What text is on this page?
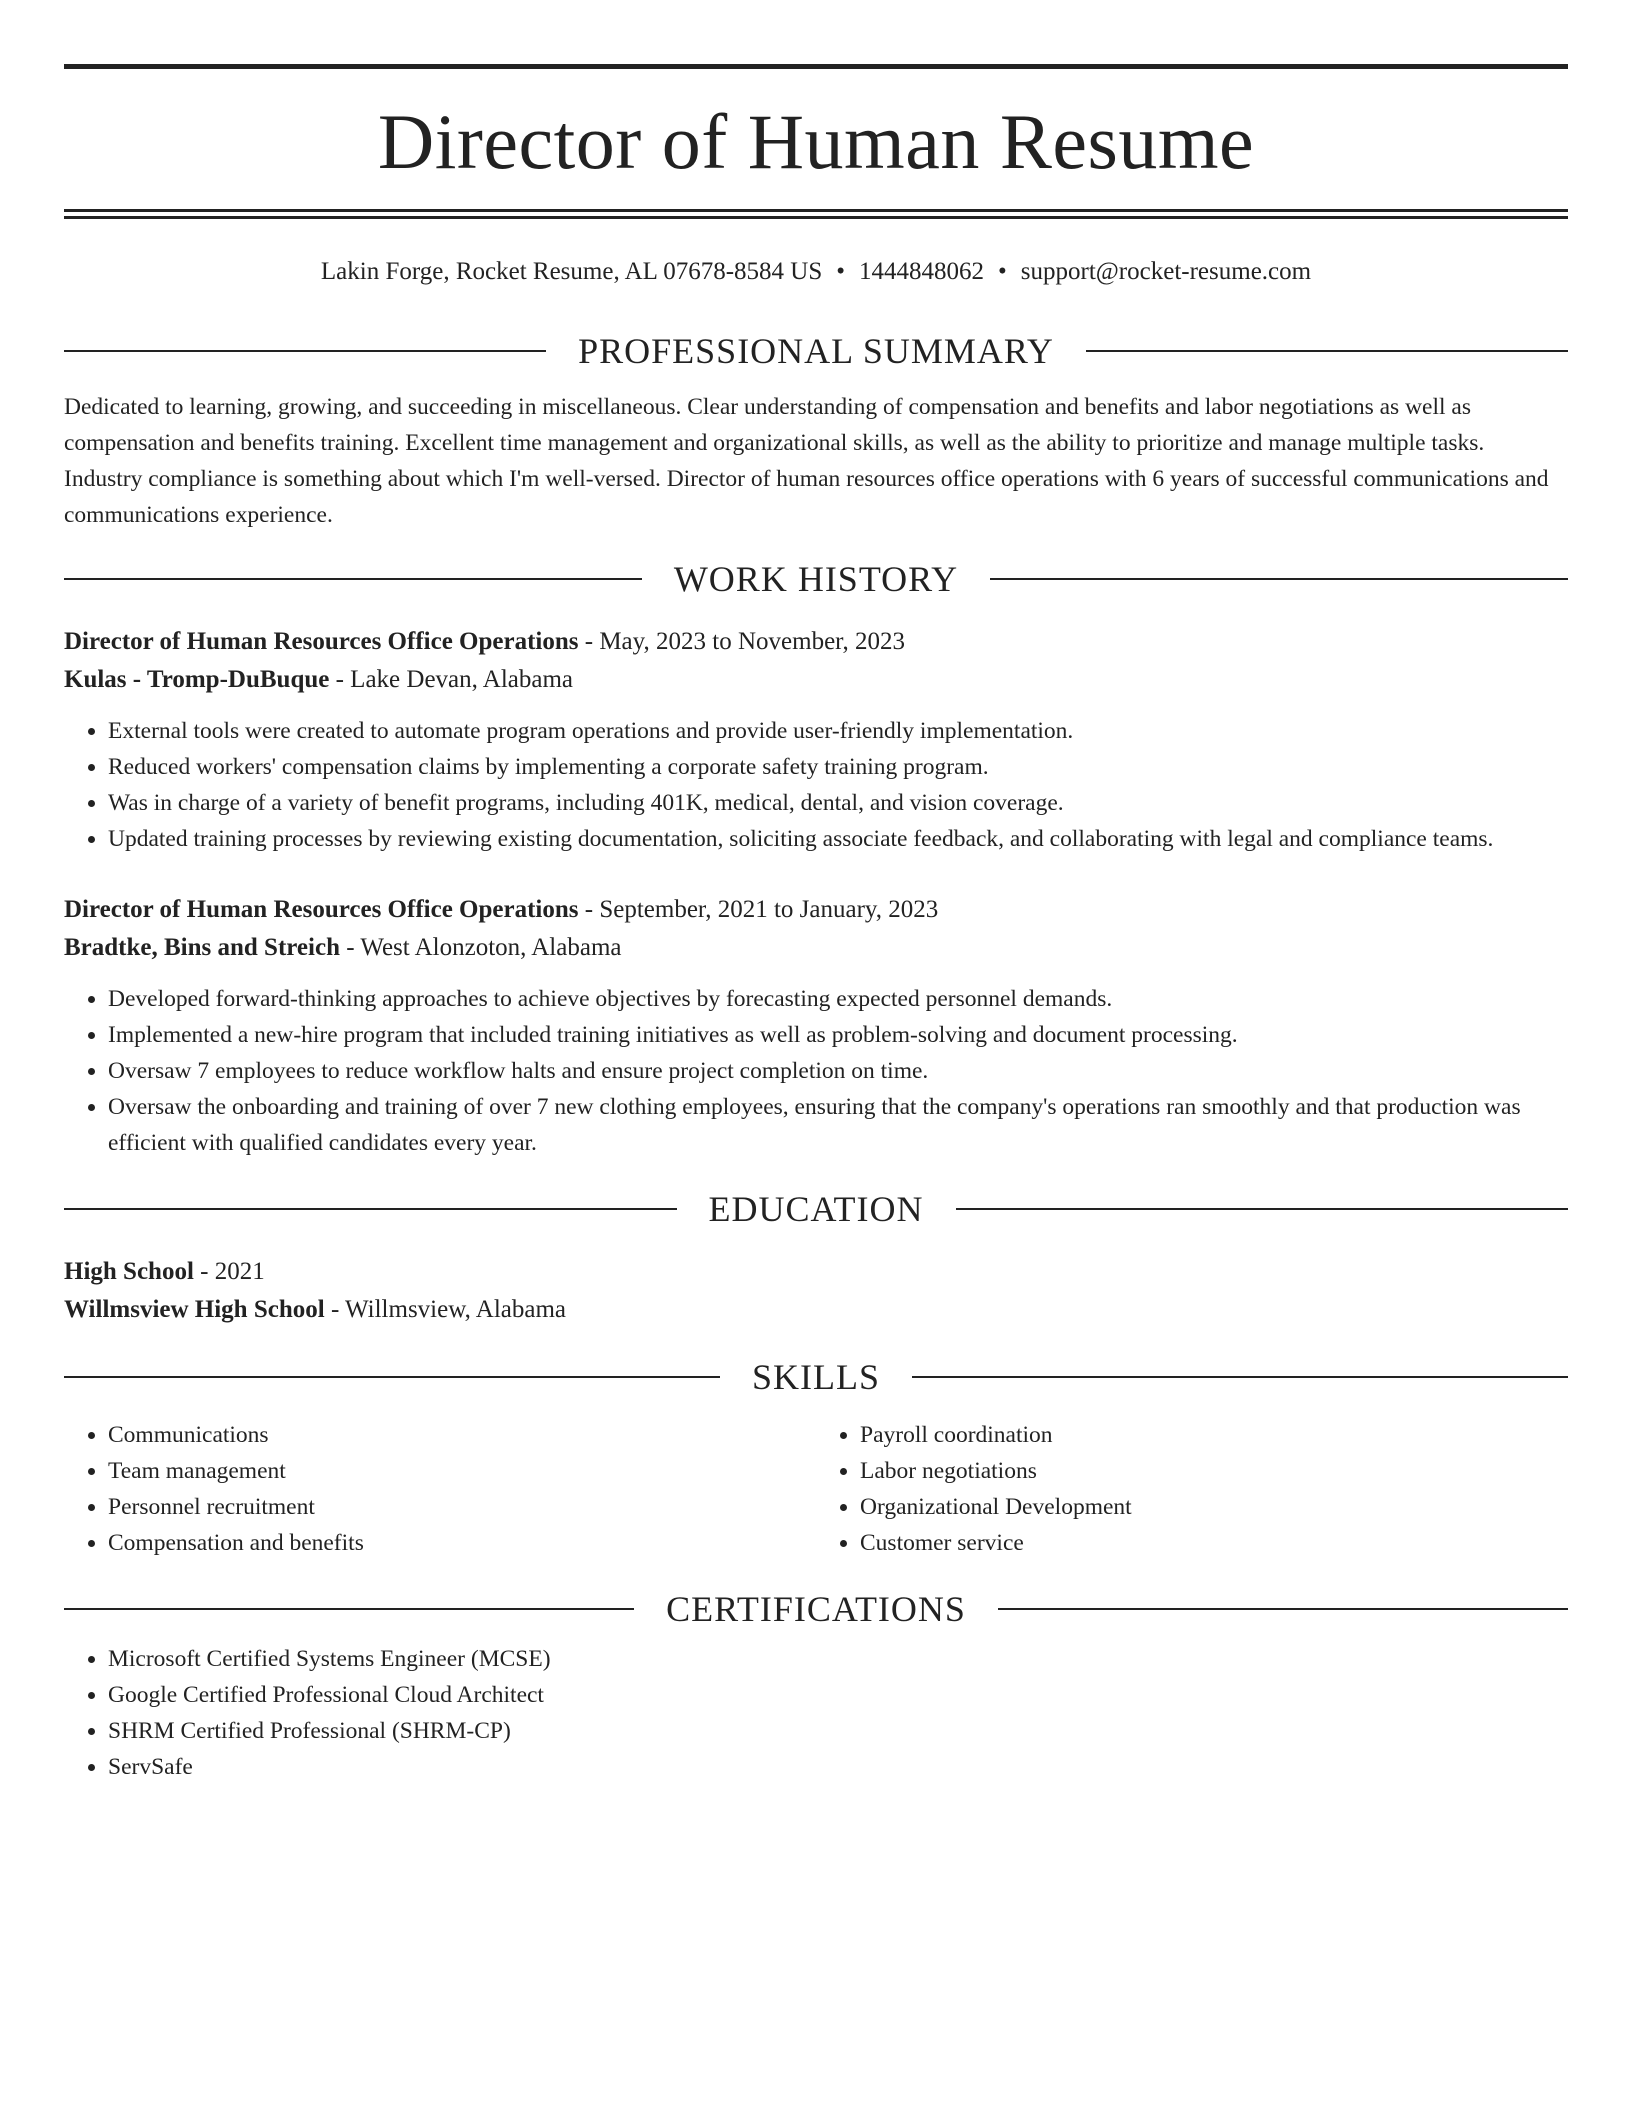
Director of Human Resume
Lakin Forge, Rocket Resume, AL 07678-8584 US • 1444848062 • support@rocket-resume.com
PROFESSIONAL SUMMARY

Dedicated to learning, growing, and succeeding in miscellaneous. Clear understanding of compensation and benefits and labor negotiations as well as compensation and benefits training. Excellent time management and organizational skills, as well as the ability to prioritize and manage multiple tasks. Industry compliance is something about which I'm well-versed. Director of human resources office operations with 6 years of successful communications and communications experience.

WORK HISTORY
Director of Human Resources Office Operations - May, 2023 to November, 2023
Kulas - Tromp-DuBuque - Lake Devan, Alabama
• External tools were created to automate program operations and provide user-friendly implementation.
• Reduced workers' compensation claims by implementing a corporate safety training program.
• Was in charge of a variety of benefit programs, including 401K, medical, dental, and vision coverage.
• Updated training processes by reviewing existing documentation, soliciting associate feedback, and collaborating with legal and compliance teams.
Director of Human Resources Office Operations - September, 2021 to January, 2023
Bradtke, Bins and Streich - West Alonzoton, Alabama
• Developed forward-thinking approaches to achieve objectives by forecasting expected personnel demands.
• Implemented a new-hire program that included training initiatives as well as problem-solving and document processing.
• Oversaw 7 employees to reduce workflow halts and ensure project completion on time.
• Oversaw the onboarding and training of over 7 new clothing employees, ensuring that the company's operations ran smoothly and that production was efficient with qualified candidates every year.
EDUCATION
High School - 2021
Willmsview High School - Willmsview, Alabama
SKILLS
• Communications
• Team management
• Personnel recruitment
• Compensation and benefits
• Payroll coordination
• Labor negotiations
• Organizational Development
• Customer service
CERTIFICATIONS
• Microsoft Certified Systems Engineer (MCSE)
• Google Certified Professional Cloud Architect
• SHRM Certified Professional (SHRM-CP)
• ServSafe
